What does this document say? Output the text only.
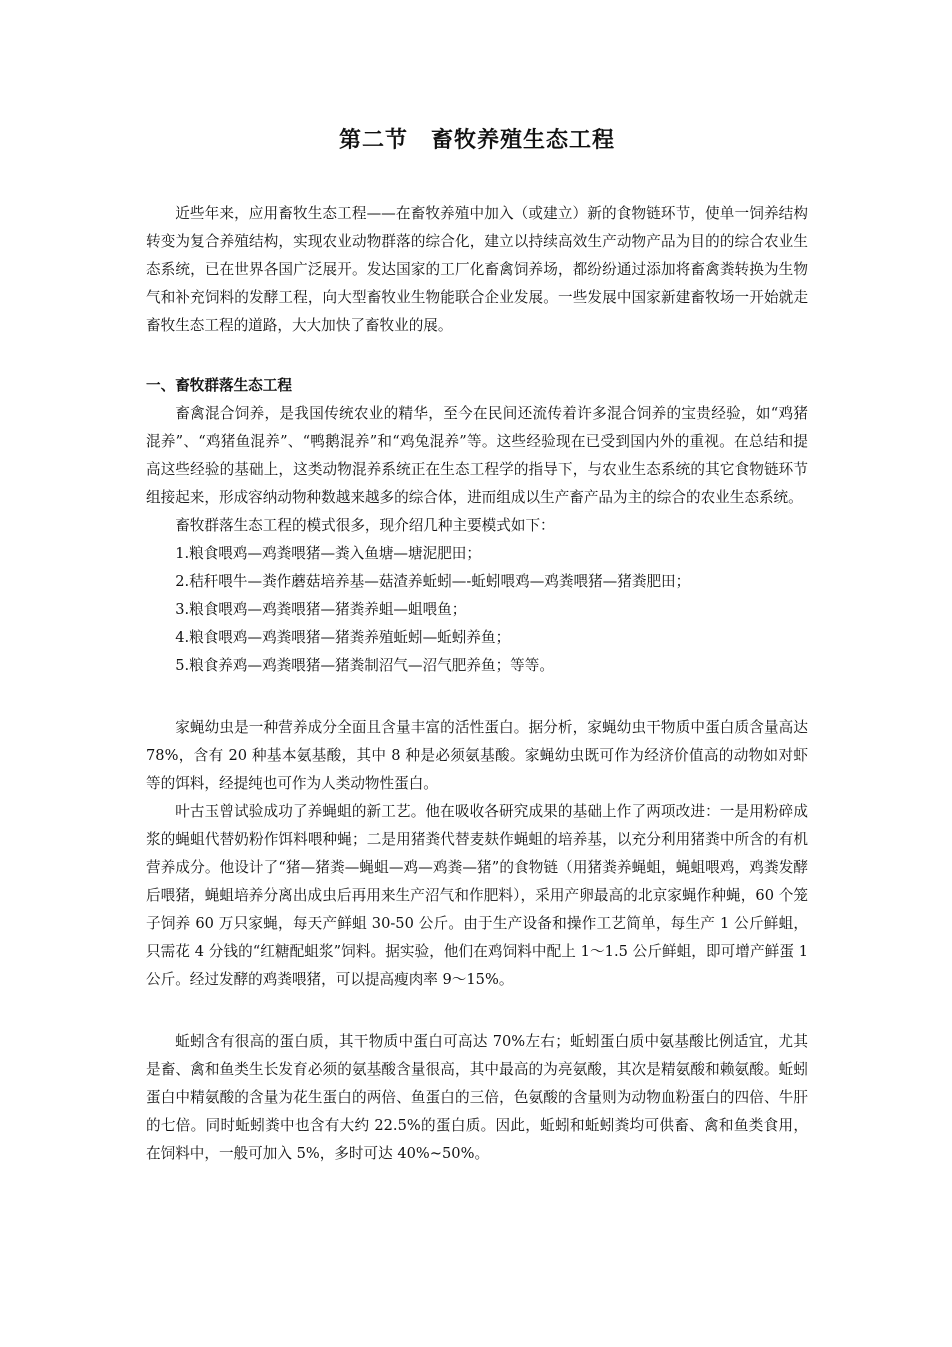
第二节　畜牧养殖生态工程

近些年来，应用畜牧生态工程——在畜牧养殖中加入（或建立）新的食物链环节，使单一饲养结构转变为复合养殖结构，实现农业动物群落的综合化，建立以持续高效生产动物产品为目的的综合农业生态系统，已在世界各国广泛展开。发达国家的工厂化畜禽饲养场，都纷纷通过添加将畜禽粪转换为生物气和补充饲料的发酵工程，向大型畜牧业生物能联合企业发展。一些发展中国家新建畜牧场一开始就走畜牧生态工程的道路，大大加快了畜牧业的展。

一、畜牧群落生态工程

畜禽混合饲养，是我国传统农业的精华，至今在民间还流传着许多混合饲养的宝贵经验，如“鸡猪混养”、“鸡猪鱼混养”、“鸭鹅混养”和“鸡兔混养”等。这些经验现在已受到国内外的重视。在总结和提高这些经验的基础上，这类动物混养系统正在生态工程学的指导下，与农业生态系统的其它食物链环节组接起来，形成容纳动物种数越来越多的综合体，进而组成以生产畜产品为主的综合的农业生态系统。

畜牧群落生态工程的模式很多，现介绍几种主要模式如下：

1.粮食喂鸡—鸡粪喂猪—粪入鱼塘—塘泥肥田；
2.秸秆喂牛—粪作蘑菇培养基—菇渣养蚯蚓—-蚯蚓喂鸡—鸡粪喂猪—猪粪肥田；
3.粮食喂鸡—鸡粪喂猪—猪粪养蛆—蛆喂鱼；
4.粮食喂鸡—鸡粪喂猪—猪粪养殖蚯蚓—蚯蚓养鱼；
5.粮食养鸡—鸡粪喂猪—猪粪制沼气—沼气肥养鱼；等等。

家蝇幼虫是一种营养成分全面且含量丰富的活性蛋白。据分析，家蝇幼虫干物质中蛋白质含量高达 78%，含有 20 种基本氨基酸，其中 8 种是必须氨基酸。家蝇幼虫既可作为经济价值高的动物如对虾等的饵料，经提纯也可作为人类动物性蛋白。

叶古玉曾试验成功了养蝇蛆的新工艺。他在吸收各研究成果的基础上作了两项改进：一是用粉碎成浆的蝇蛆代替奶粉作饵料喂种蝇；二是用猪粪代替麦麸作蝇蛆的培养基，以充分利用猪粪中所含的有机营养成分。他设计了“猪—猪粪—蝇蛆—鸡—鸡粪—猪”的食物链（用猪粪养蝇蛆，蝇蛆喂鸡，鸡粪发酵后喂猪，蝇蛆培养分离出成虫后再用来生产沼气和作肥料），采用产卵最高的北京家蝇作种蝇，60 个笼子饲养 60 万只家蝇，每天产鲜蛆 30-50 公斤。由于生产设备和操作工艺简单，每生产 1 公斤鲜蛆，只需花 4 分钱的“红糖配蛆浆”饲料。据实验，他们在鸡饲料中配上 1～1.5 公斤鲜蛆，即可增产鲜蛋 1 公斤。经过发酵的鸡粪喂猪，可以提高瘦肉率 9～15%。

蚯蚓含有很高的蛋白质，其干物质中蛋白可高达 70%左右；蚯蚓蛋白质中氨基酸比例适宜，尤其是畜、禽和鱼类生长发育必须的氨基酸含量很高，其中最高的为亮氨酸，其次是精氨酸和赖氨酸。蚯蚓蛋白中精氨酸的含量为花生蛋白的两倍、鱼蛋白的三倍，色氨酸的含量则为动物血粉蛋白的四倍、牛肝的七倍。同时蚯蚓粪中也含有大约 22.5%的蛋白质。因此，蚯蚓和蚯蚓粪均可供畜、禽和鱼类食用，在饲料中，一般可加入 5%，多时可达 40%~50%。
